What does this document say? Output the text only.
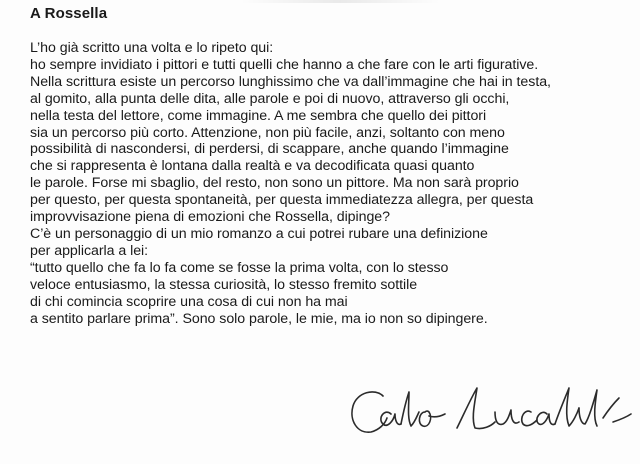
A Rossella
L’ho già scritto una volta e lo ripeto qui:
ho sempre invidiato i pittori e tutti quelli che hanno a che fare con le arti figurative.
Nella scrittura esiste un percorso lunghissimo che va dall’immagine che hai in testa,
al gomito, alla punta delle dita, alle parole e poi di nuovo, attraverso gli occhi,
nella testa del lettore, come immagine. A me sembra che quello dei pittori
sia un percorso più corto. Attenzione, non più facile, anzi, soltanto con meno
possibilità di nascondersi, di perdersi, di scappare, anche quando l’immagine
che si rappresenta è lontana dalla realtà e va decodificata quasi quanto
le parole. Forse mi sbaglio, del resto, non sono un pittore. Ma non sarà proprio
per questo, per questa spontaneità, per questa immediatezza allegra, per questa
improvvisazione piena di emozioni che Rossella, dipinge?
C’è un personaggio di un mio romanzo a cui potrei rubare una definizione
per applicarla a lei:
“tutto quello che fa lo fa come se fosse la prima volta, con lo stesso
veloce entusiasmo, la stessa curiosità, lo stesso fremito sottile
di chi comincia scoprire una cosa di cui non ha mai
a sentito parlare prima”. Sono solo parole, le mie, ma io non so dipingere.
